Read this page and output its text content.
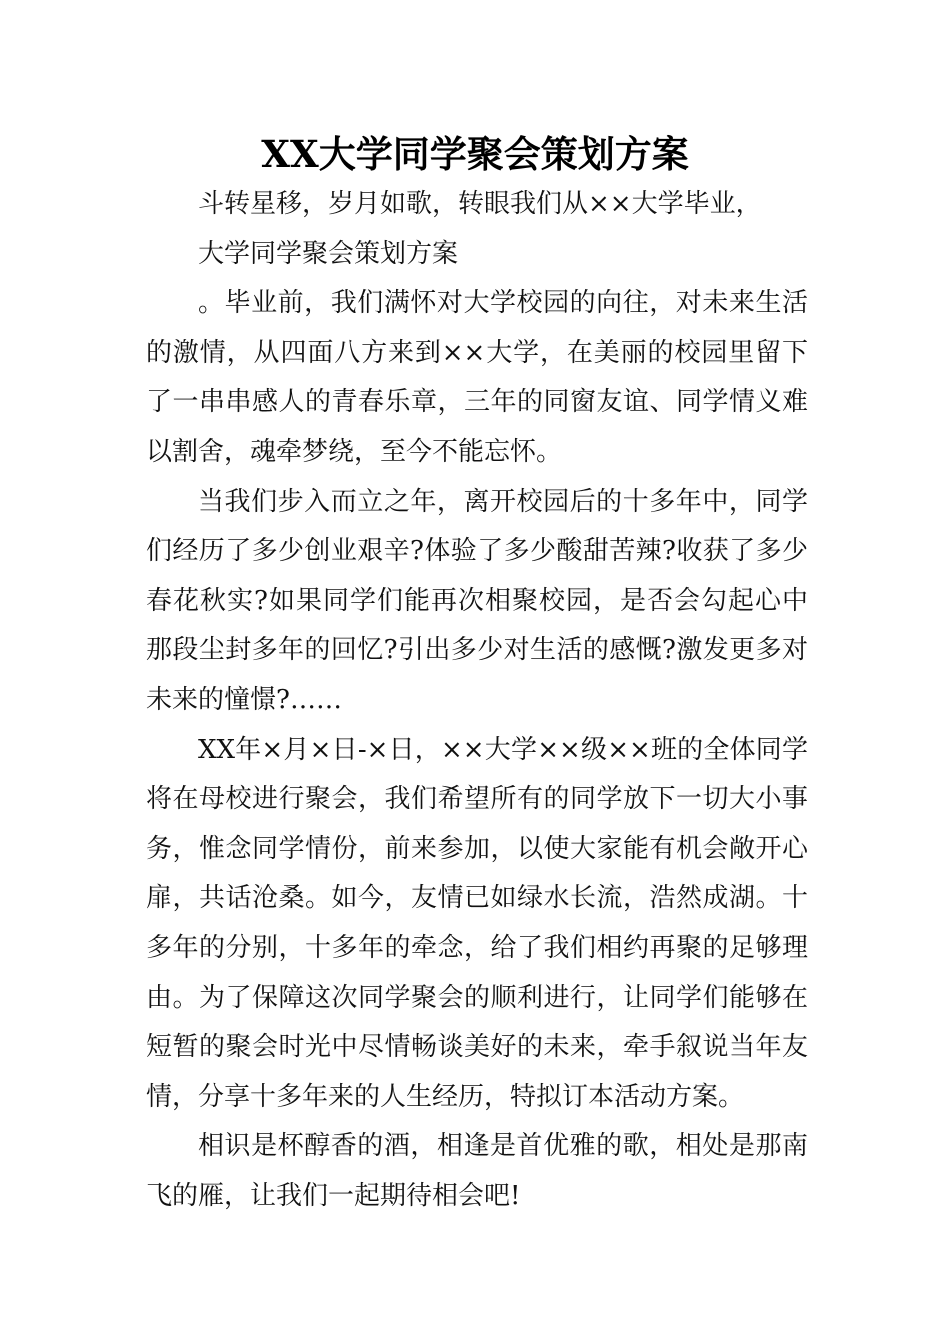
XX大学同学聚会策划方案

斗转星移，岁月如歌，转眼我们从××大学毕业，

大学同学聚会策划方案

。毕业前，我们满怀对大学校园的向往，对未来生活的激情，从四面八方来到××大学，在美丽的校园里留下了一串串感人的青春乐章，三年的同窗友谊、同学情义难以割舍，魂牵梦绕，至今不能忘怀。

当我们步入而立之年，离开校园后的十多年中，同学们经历了多少创业艰辛?体验了多少酸甜苦辣?收获了多少春花秋实?如果同学们能再次相聚校园，是否会勾起心中那段尘封多年的回忆?引出多少对生活的感慨?激发更多对未来的憧憬?……

XX年×月×日-×日，××大学××级××班的全体同学将在母校进行聚会，我们希望所有的同学放下一切大小事务，惟念同学情份，前来参加，以使大家能有机会敞开心扉，共话沧桑。如今，友情已如绿水长流，浩然成湖。十多年的分别，十多年的牵念，给了我们相约再聚的足够理由。为了保障这次同学聚会的顺利进行，让同学们能够在短暂的聚会时光中尽情畅谈美好的未来，牵手叙说当年友情，分享十多年来的人生经历，特拟订本活动方案。

相识是杯醇香的酒，相逢是首优雅的歌，相处是那南飞的雁，让我们一起期待相会吧!
